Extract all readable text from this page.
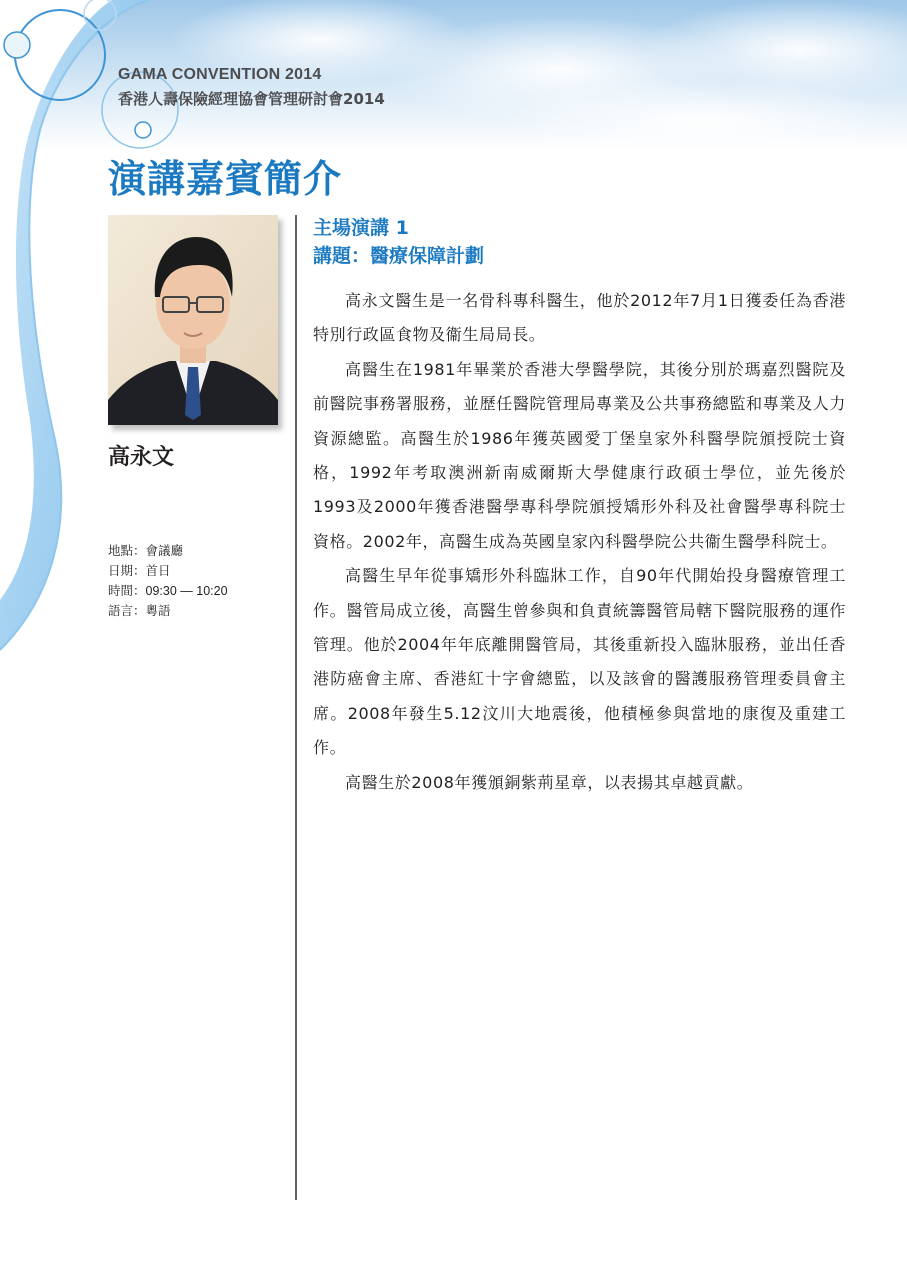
GAMA CONVENTION 2014

香港人壽保險經理協會管理研討會2014

演講嘉賓簡介
高永文
地點：會議廳
日期：首日
時間：09:30 — 10:20
語言：粵語
主場演講 1
講題：醫療保障計劃

高永文醫生是一名骨科專科醫生，他於2012年7月1日獲委任為香港特別行政區食物及衞生局局長。

高醫生在1981年畢業於香港大學醫學院，其後分別於瑪嘉烈醫院及前醫院事務署服務，並歷任醫院管理局專業及公共事務總監和專業及人力資源總監。高醫生於1986年獲英國愛丁堡皇家外科醫學院頒授院士資格，1992年考取澳洲新南威爾斯大學健康行政碩士學位，並先後於1993及2000年獲香港醫學專科學院頒授矯形外科及社會醫學專科院士資格。2002年，高醫生成為英國皇家內科醫學院公共衞生醫學科院士。

高醫生早年從事矯形外科臨牀工作，自90年代開始投身醫療管理工作。醫管局成立後，高醫生曾參與和負責統籌醫管局轄下醫院服務的運作管理。他於2004年年底離開醫管局，其後重新投入臨牀服務，並出任香港防癌會主席、香港紅十字會總監，以及該會的醫護服務管理委員會主席。2008年發生5.12汶川大地震後，他積極參與當地的康復及重建工作。

高醫生於2008年獲頒銅紫荊星章，以表揚其卓越貢獻。
